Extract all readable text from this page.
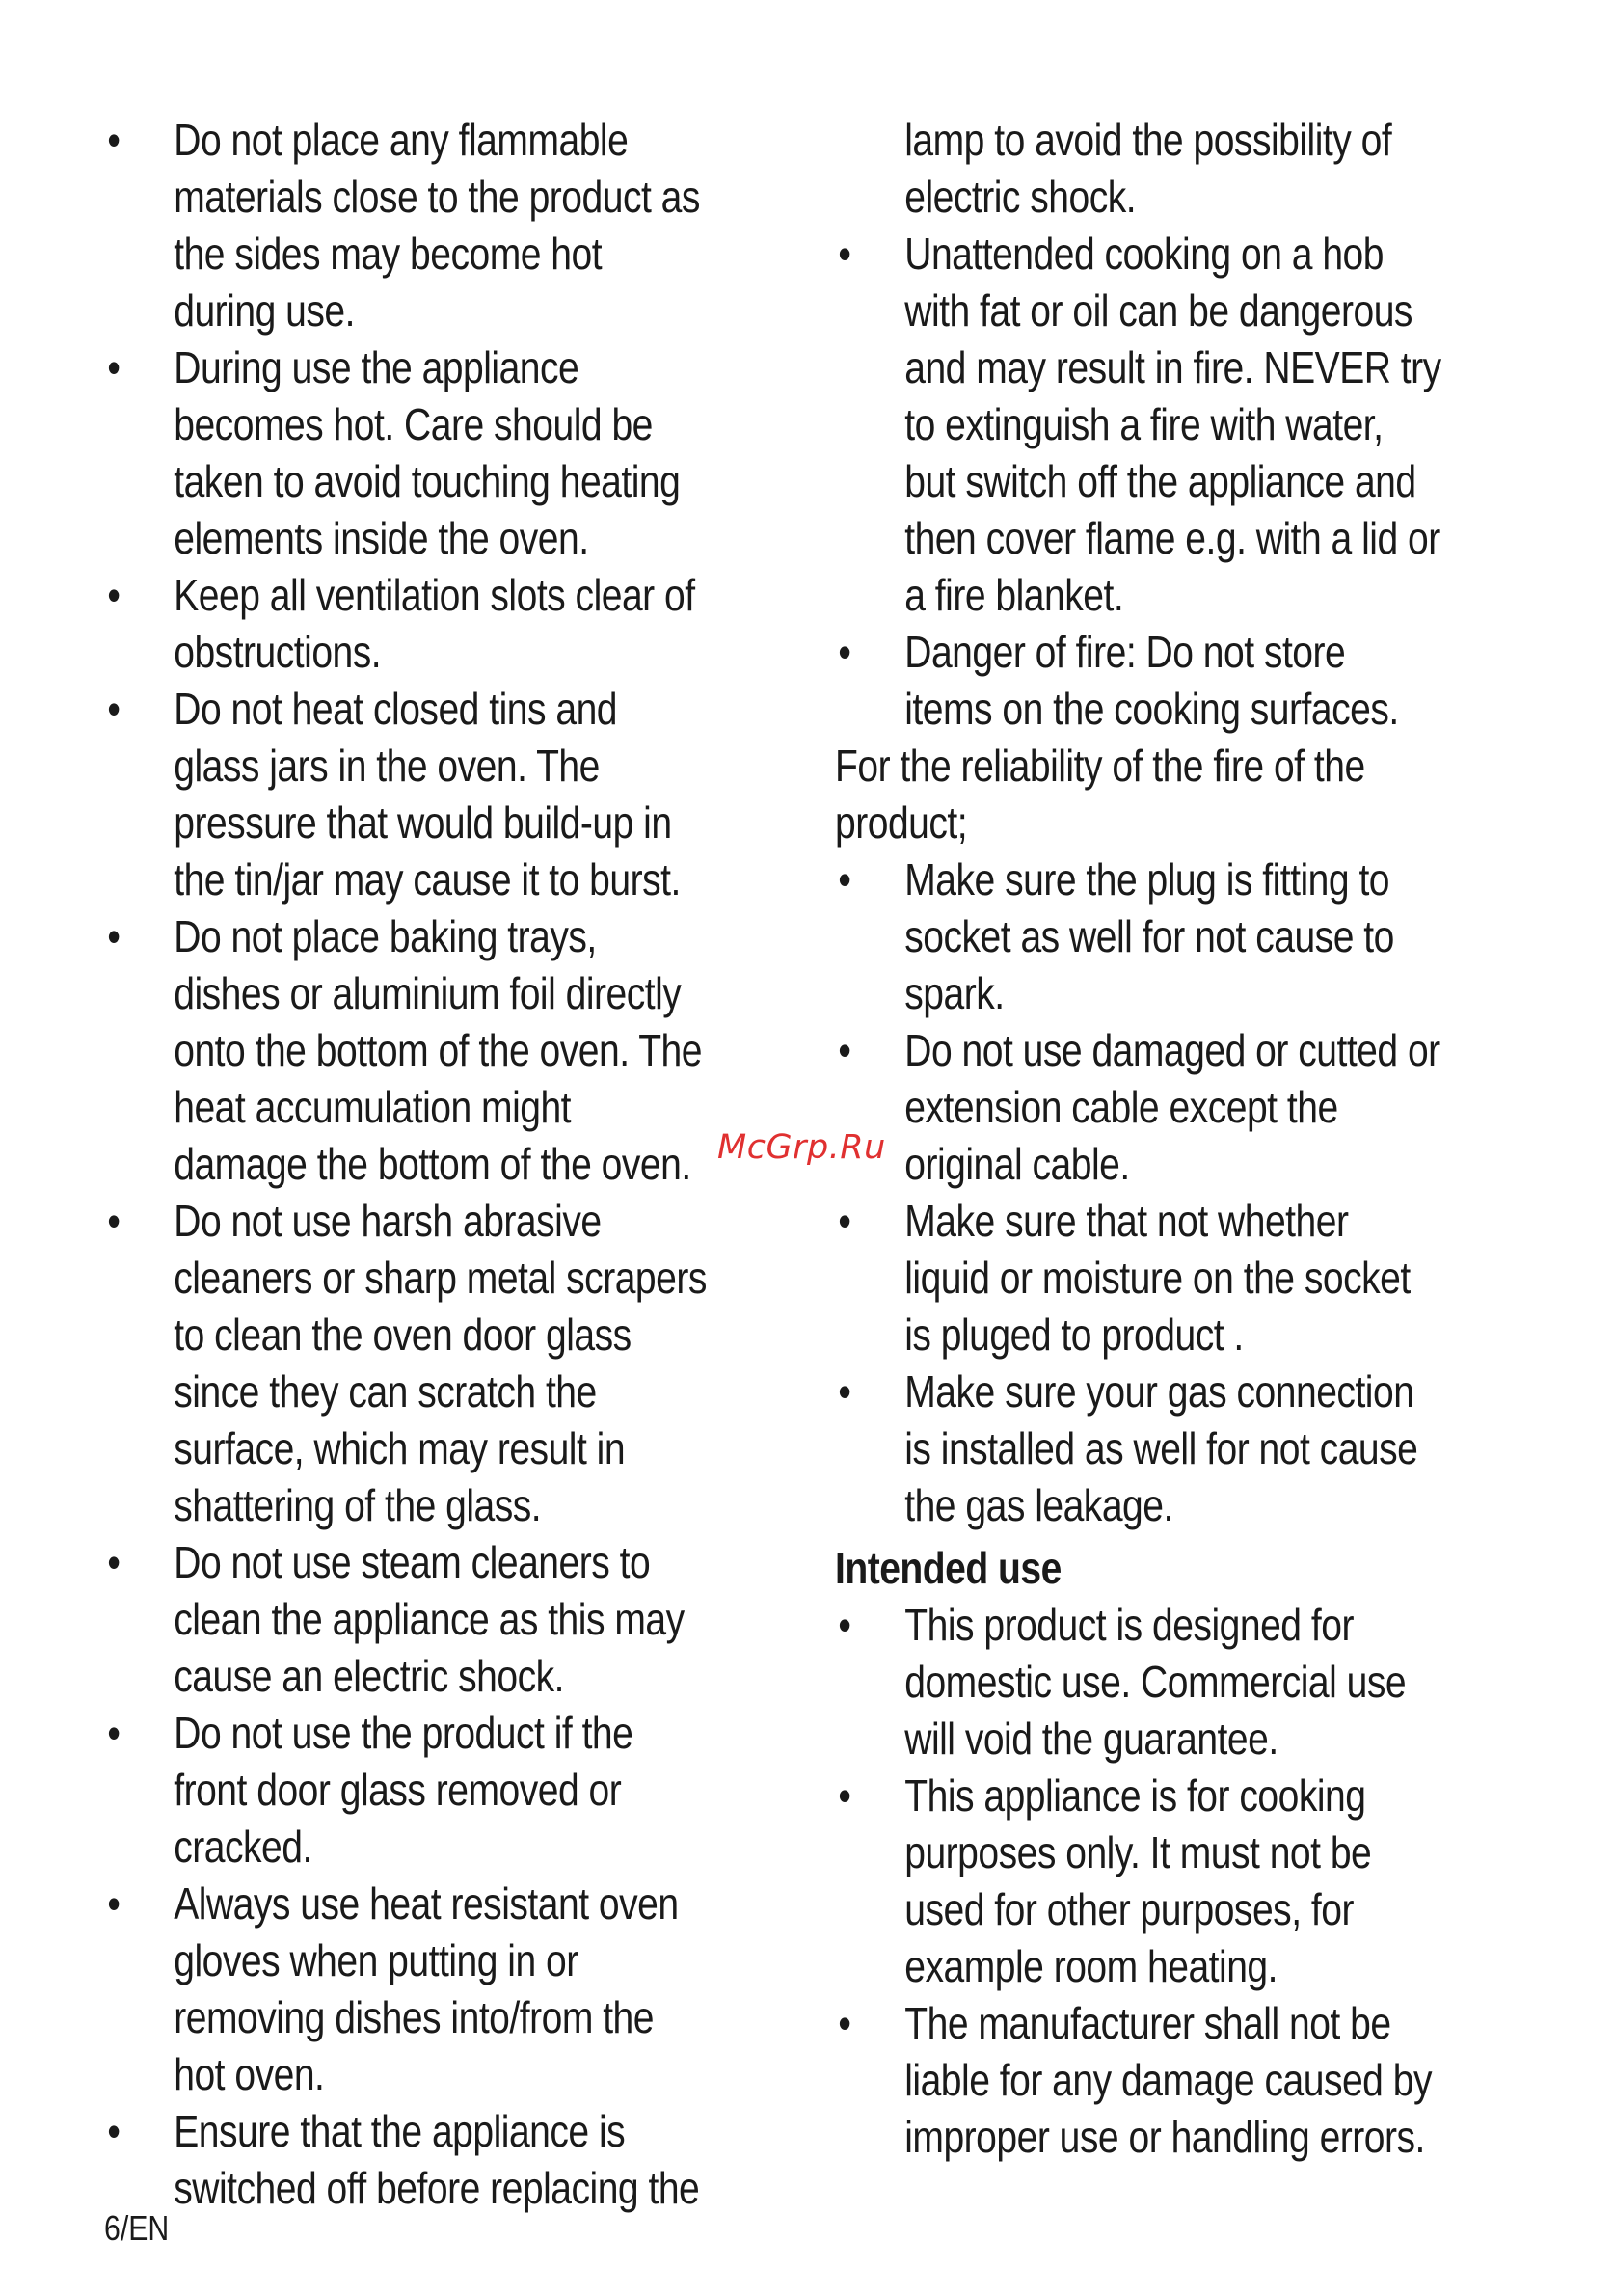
• Do not place any flammable materials close to the product as the sides may become hot during use.
• During use the appliance becomes hot. Care should be taken to avoid touching heating elements inside the oven.
• Keep all ventilation slots clear of obstructions.
• Do not heat closed tins and glass jars in the oven. The pressure that would build-up in the tin/jar may cause it to burst.
• Do not place baking trays, dishes or aluminium foil directly onto the bottom of the oven. The heat accumulation might damage the bottom of the oven.
• Do not use harsh abrasive cleaners or sharp metal scrapers to clean the oven door glass since they can scratch the surface, which may result in shattering of the glass.
• Do not use steam cleaners to clean the appliance as this may cause an electric shock.
• Do not use the product if the front door glass removed or cracked.
• Always use heat resistant oven gloves when putting in or removing dishes into/from the hot oven.
• Ensure that the appliance is switched off before replacing the
lamp to avoid the possibility of electric shock.
• Unattended cooking on a hob with fat or oil can be dangerous and may result in fire. NEVER try to extinguish a fire with water, but switch off the appliance and then cover flame e.g. with a lid or a fire blanket.
• Danger of fire: Do not store items on the cooking surfaces.
For the reliability of the fire of the product;
• Make sure the plug is fitting to socket as well for not cause to spark.
• Do not use damaged or cutted or extension cable except the original cable.
• Make sure that not whether liquid or moisture on the socket is pluged to product .
• Make sure your gas connection is installed as well for not cause the gas leakage.
Intended use
• This product is designed for domestic use. Commercial use will void the guarantee.
• This appliance is for cooking purposes only. It must not be used for other purposes, for example room heating.
• The manufacturer shall not be liable for any damage caused by improper use or handling errors.
McGrp.Ru
6/EN
